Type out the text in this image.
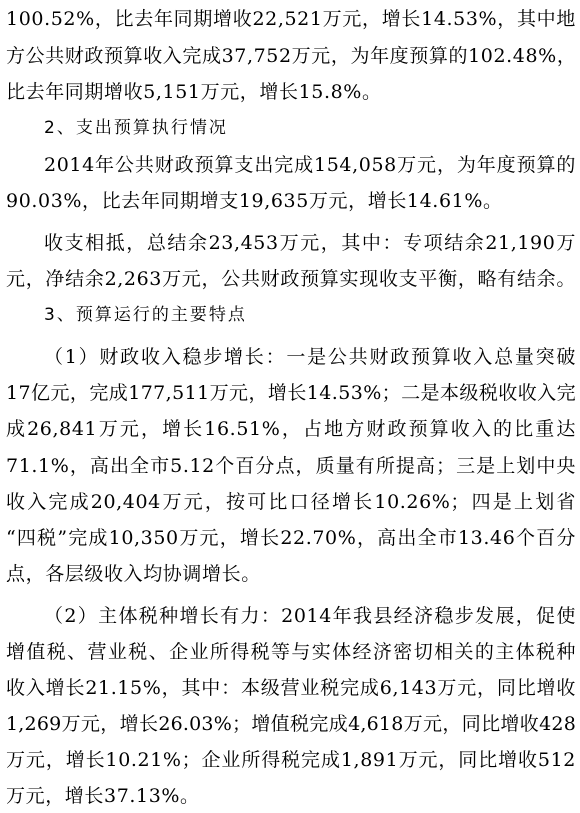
100.52%，比去年同期增收22,521万元，增长14.53%，其中地
方公共财政预算收入完成37,752万元，为年度预算的102.48%，
比去年同期增收5,151万元，增长15.8%。
2、支出预算执行情况
2014年公共财政预算支出完成154,058万元，为年度预算的
90.03%，比去年同期增支19,635万元，增长14.61%。
收支相抵，总结余23,453万元，其中：专项结余21,190万
元，净结余2,263万元，公共财政预算实现收支平衡，略有结余。
3、预算运行的主要特点
（1）财政收入稳步增长：一是公共财政预算收入总量突破
17亿元，完成177,511万元，增长14.53%；二是本级税收收入完
成26,841万元，增长16.51%，占地方财政预算收入的比重达
71.1%，高出全市5.12个百分点，质量有所提高；三是上划中央
收入完成20,404万元，按可比口径增长10.26%；四是上划省
“四税”完成10,350万元，增长22.70%，高出全市13.46个百分
点，各层级收入均协调增长。
（2）主体税种增长有力：2014年我县经济稳步发展，促使
增值税、营业税、企业所得税等与实体经济密切相关的主体税种
收入增长21.15%，其中：本级营业税完成6,143万元，同比增收
1,269万元，增长26.03%；增值税完成4,618万元，同比增收428
万元，增长10.21%；企业所得税完成1,891万元，同比增收512
万元，增长37.13%。
